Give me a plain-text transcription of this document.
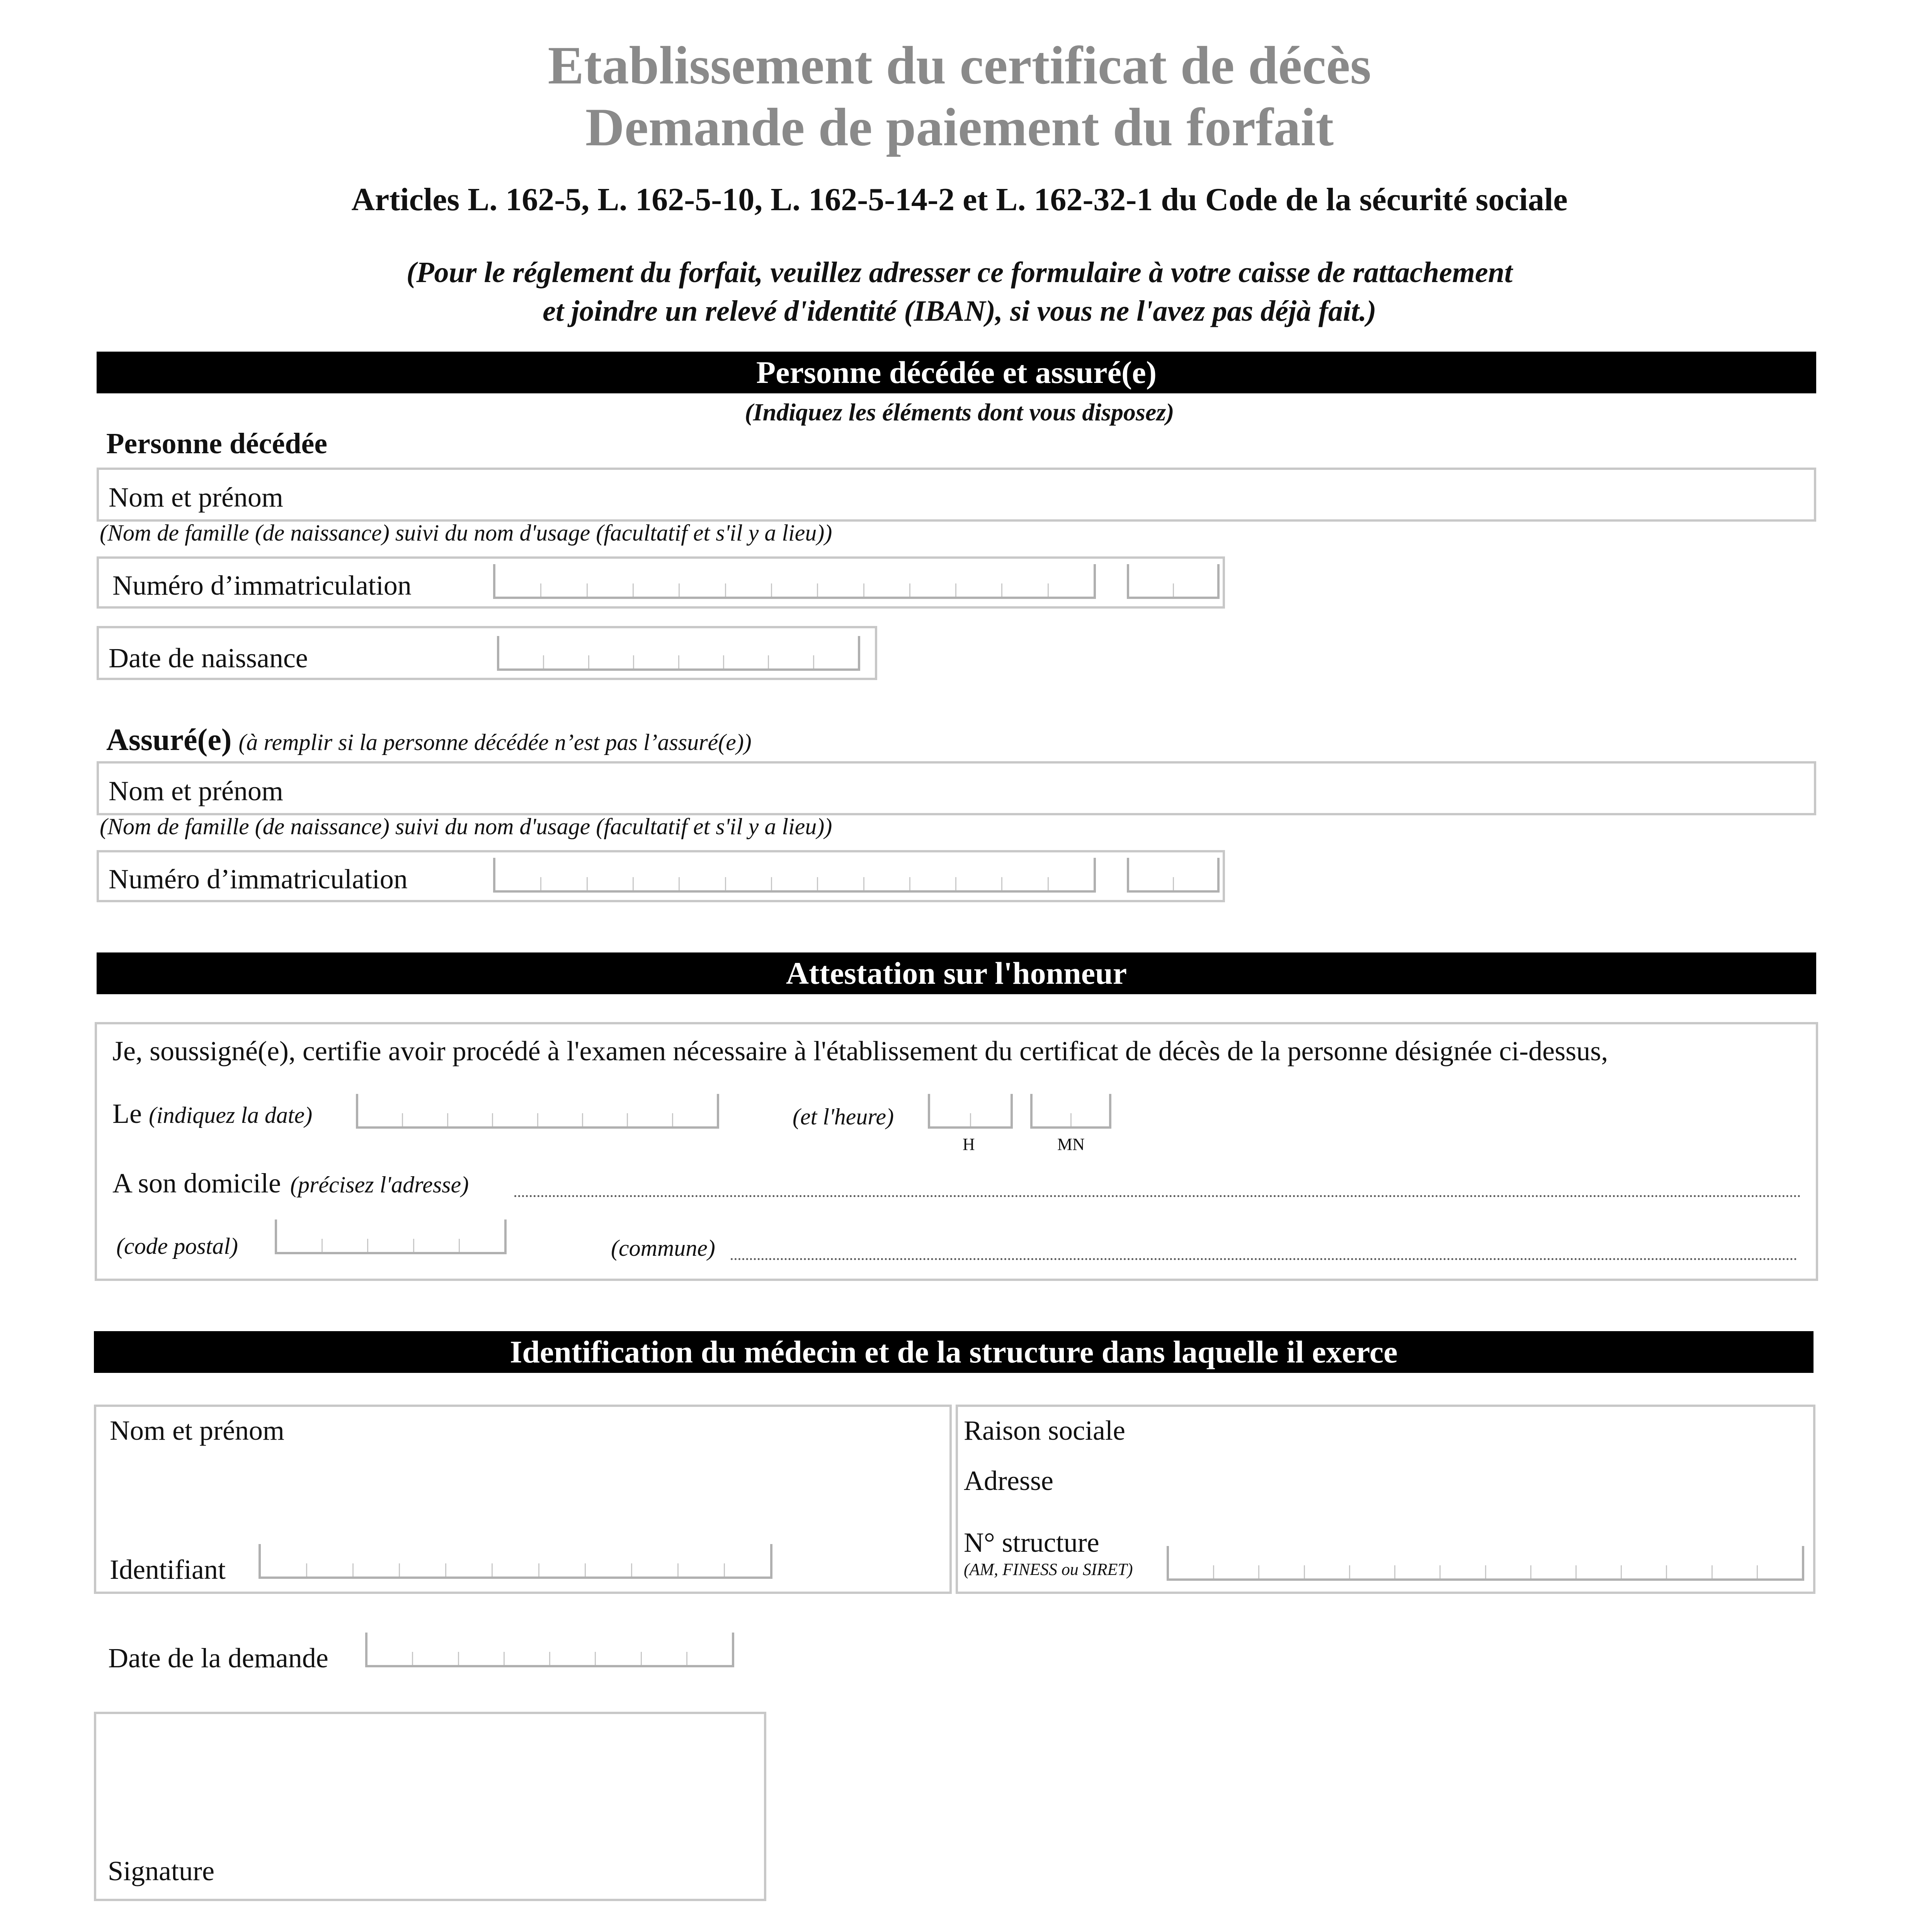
Etablissement du certificat de décès
Demande de paiement du forfait
Articles L. 162-5, L. 162-5-10, L. 162-5-14-2 et L. 162-32-1 du Code de la sécurité sociale
(Pour le réglement du forfait, veuillez adresser ce formulaire à votre caisse de rattachement
et joindre un relevé d'identité (IBAN), si vous ne l'avez pas déjà fait.)
Personne décédée et assuré(e)
(Indiquez les éléments dont vous disposez)
Personne décédée
Nom et prénom
(Nom de famille (de naissance) suivi du nom d'usage (facultatif et s'il y a lieu))
Numéro d’immatriculation
Date de naissance
Assuré(e) (à remplir si la personne décédée n’est pas l’assuré(e))
Nom et prénom
(Nom de famille (de naissance) suivi du nom d'usage (facultatif et s'il y a lieu))
Numéro d’immatriculation
Attestation sur l'honneur
Je, soussigné(e), certifie avoir procédé à l'examen nécessaire à l'établissement du certificat de décès de la personne désignée ci-dessus,
Le (indiquez la date)	(et l'heure)
H	MN
A son domicile (précisez l'adresse)
(code postal)	(commune)
Identification du médecin et de la structure dans laquelle il exerce
Nom et prénom
Identifiant
Raison sociale
Adresse
N° structure
(AM, FINESS ou SIRET)
Date de la demande
Signature
